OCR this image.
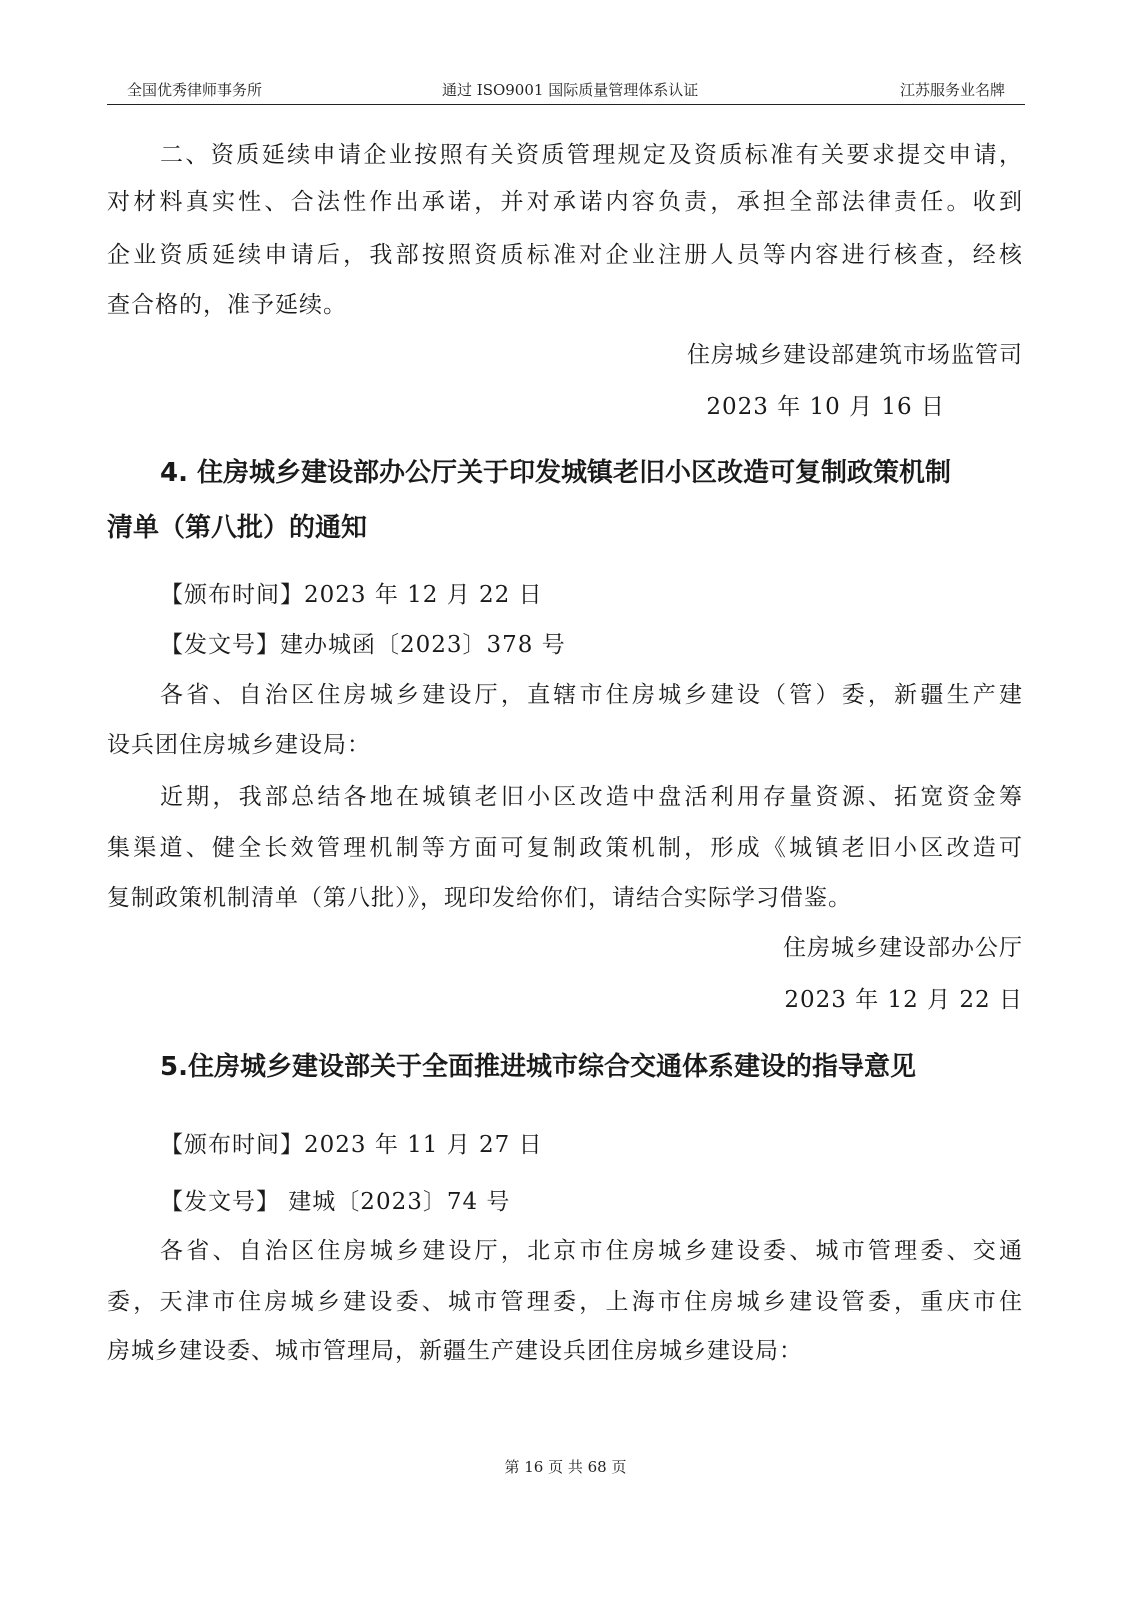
全国优秀律师事务所	通过 ISO9001 国际质量管理体系认证	江苏服务业名牌
二、资质延续申请企业按照有关资质管理规定及资质标准有关要求提交申请，
对材料真实性、合法性作出承诺，并对承诺内容负责，承担全部法律责任。收到
企业资质延续申请后，我部按照资质标准对企业注册人员等内容进行核查，经核
查合格的，准予延续。
住房城乡建设部建筑市场监管司
2023 年 10 月 16 日
4. 住房城乡建设部办公厅关于印发城镇老旧小区改造可复制政策机制
清单（第八批）的通知
【颁布时间】2023 年 12 月 22 日
【发文号】建办城函〔2023〕378 号
各省、自治区住房城乡建设厅，直辖市住房城乡建设（管）委，新疆生产建
设兵团住房城乡建设局：
近期，我部总结各地在城镇老旧小区改造中盘活利用存量资源、拓宽资金筹
集渠道、健全长效管理机制等方面可复制政策机制，形成《城镇老旧小区改造可
复制政策机制清单（第八批）》，现印发给你们，请结合实际学习借鉴。
住房城乡建设部办公厅
2023 年 12 月 22 日
5.住房城乡建设部关于全面推进城市综合交通体系建设的指导意见
【颁布时间】2023 年 11 月 27 日
【发文号】 建城〔2023〕74 号
各省、自治区住房城乡建设厅，北京市住房城乡建设委、城市管理委、交通
委，天津市住房城乡建设委、城市管理委，上海市住房城乡建设管委，重庆市住
房城乡建设委、城市管理局，新疆生产建设兵团住房城乡建设局：
第 16 页 共 68 页
